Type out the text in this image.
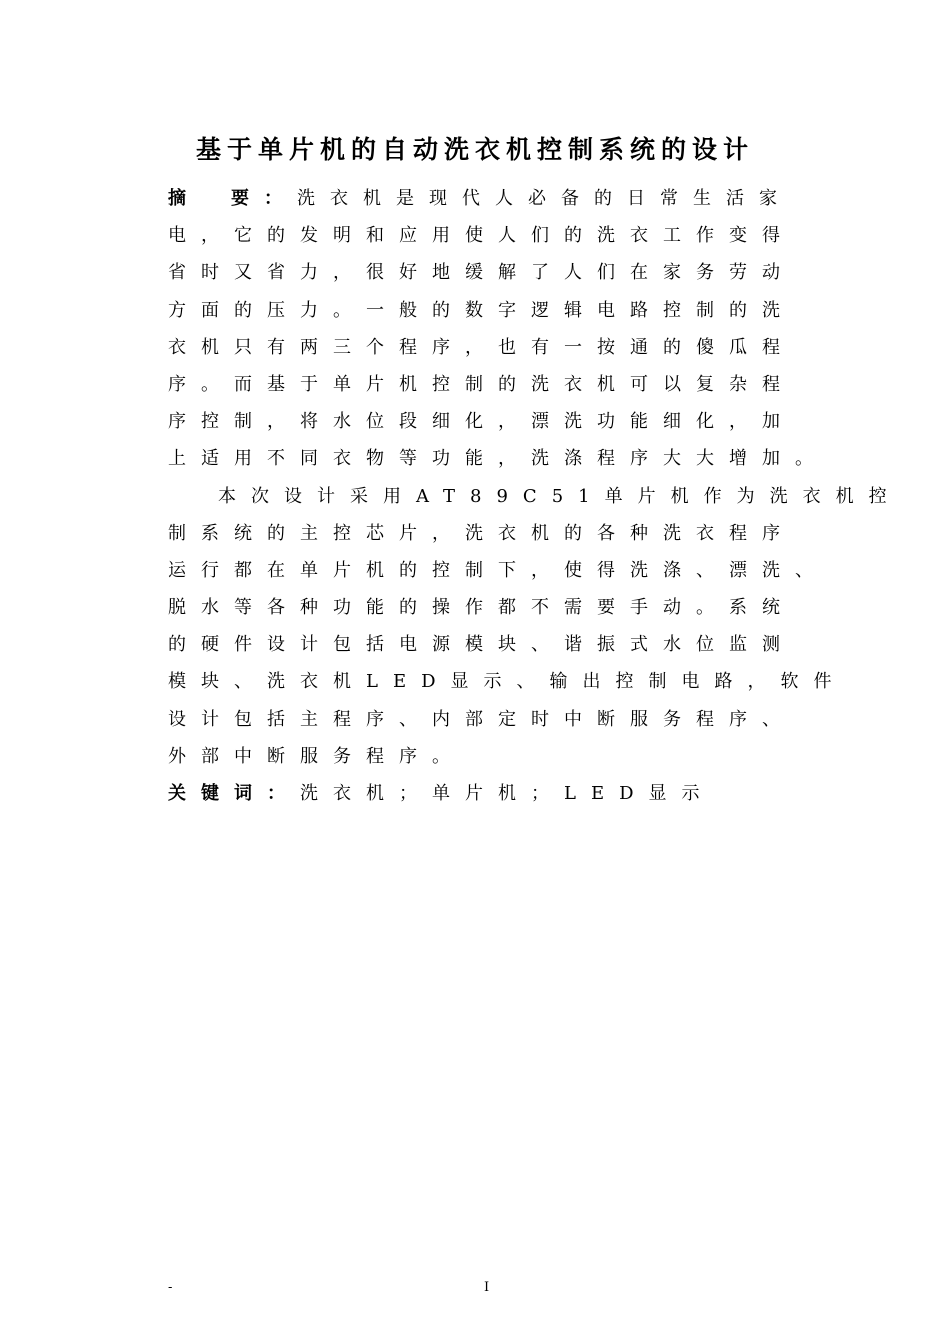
基于单片机的自动洗衣机控制系统的设计
摘 要：洗衣机是现代人必备的日常生活家
电，它的发明和应用使人们的洗衣工作变得
省时又省力，很好地缓解了人们在家务劳动
方面的压力。一般的数字逻辑电路控制的洗
衣机只有两三个程序，也有一按通的傻瓜程
序。而基于单片机控制的洗衣机可以复杂程
序控制，将水位段细化，漂洗功能细化，加
上适用不同衣物等功能，洗涤程序大大增加。
本次设计采用AT89C51单片机作为洗衣机控
制系统的主控芯片，洗衣机的各种洗衣程序
运行都在单片机的控制下，使得洗涤、漂洗、
脱水等各种功能的操作都不需要手动。系统
的硬件设计包括电源模块、谐振式水位监测
模块、洗衣机LED显示、输出控制电路，软件
设计包括主程序、内部定时中断服务程序、
外部中断服务程序。
关键词：洗衣机；单片机；LED显示
-	I
